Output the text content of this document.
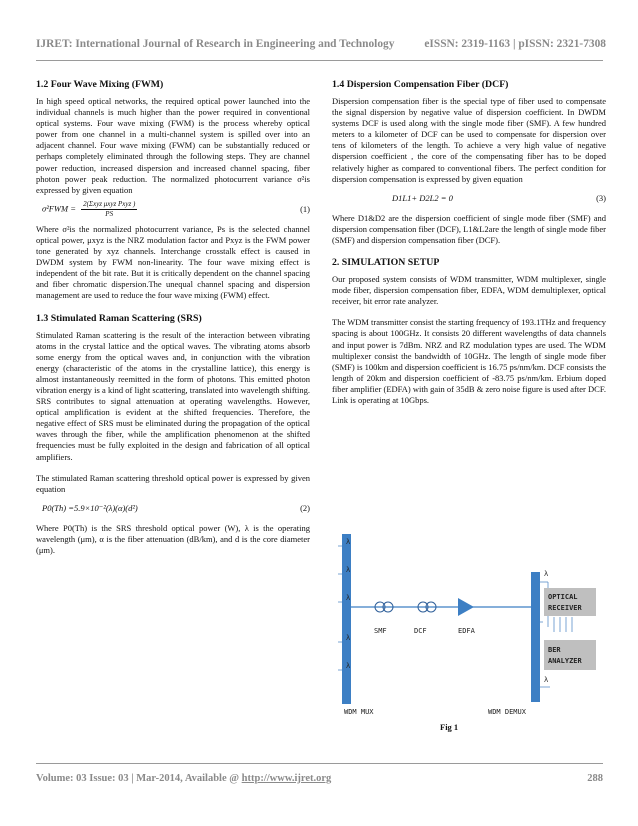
IJRET: International Journal of Research in Engineering and Technology	eISSN: 2319-1163 | pISSN: 2321-7308
1.2 Four Wave Mixing (FWM)

In high speed optical networks, the required optical power launched into the individual channels is much higher than the power required in conventional optical systems. Four wave mixing (FWM) is the process whereby optical power from one channel in a multi-channel system is spilled over into an adjacent channel. Four wave mixing (FWM) can be substantially reduced or perhaps completely eliminated through the following steps. They are channel power reduction, increased dispersion and increased channel spacing, fiber photon power peak reduction. The normalized photocurrent variance σ²is expressed by given equation

$\sigma^2FWM = \frac{\text{2(Σxyz μxyz Pxyz )}}{PS}$	(1)

Where σ²is the normalized photocurrent variance, Ps is the selected channel optical power, μxyz is the NRZ modulation factor and Pxyz is the FWM power tone generated by xyz channels. Interchange crosstalk effect is caused in DWDM system by FWM non-linearity. The four wave mixing effect is independent of the bit rate. But it is critically dependent on the channel spacing and fiber chromatic dispersion.The unequal channel spacing and dispersion management are used to reduce the four wave mixing (FWM) effect.

1.3 Stimulated Raman Scattering (SRS)

Stimulated Raman scattering is the result of the interaction between vibrating atoms in the crystal lattice and the optical waves. The vibrating atoms absorb some energy from the optical waves and, in conjunction with the vibration energy (characteristic of the atoms in the crystalline lattice), this energy is almost instantaneously reemitted in the form of photons. This emitted photon vibration energy is a kind of light scattering, translated into wavelength shifting. SRS contributes to signal attenuation at operating wavelengths. However, optical amplification is evident at the shifted frequencies. Therefore, the negative effect of SRS must be eliminated during the propagation of the optical waves through the fiber, while the amplification phenomenon at the shifted frequencies must be fully exploited in the design and fabrication of all optical amplifiers.

The stimulated Raman scattering threshold optical power is expressed by given equation

P0(Th) =5.9×10⁻²(λ)(α)(d²)	(2)

Where P0(Th) is the SRS threshold optical power (W), λ is the operating wavelength (μm), α is the fiber attenuation (dB/km), and d is the core diameter (μm).

1.4 Dispersion Compensation Fiber (DCF)

Dispersion compensation fiber is the special type of fiber used to compensate the signal dispersion by negative value of dispersion coefficient. In DWDM systems DCF is used along with the single mode fiber (SMF). A few hundred meters to a kilometer of DCF can be used to compensate for dispersion over tens of kilometers of the length. To achieve a very high value of negative dispersion coefficient , the core of the compensating fiber has to be doped relatively higher as compared to conventional fibers. The perfect condition for dispersion compensation is expressed by given equation

D1L1+ D2L2 = 0	(3)

Where D1&D2 are the dispersion coefficient of single mode fiber (SMF) and dispersion compensation fiber (DCF), L1&L2are the length of single mode fiber (SMF) and dispersion compensation fiber (DCF).

2. SIMULATION SETUP

Our proposed system consists of WDM transmitter, WDM multiplexer, single mode fiber, dispersion compensation fiber, EDFA, WDM demultiplexer, optical receiver, bit error rate analyzer.

The WDM transmitter consist the starting frequency of 193.1THz and frequency spacing is about 100GHz. It consists 20 different wavelengths of data channels and input power is 7dBm. NRZ and RZ modulation types are used. The WDM multiplexer consist the bandwidth of 10GHz. The length of single mode fiber (SMF) is 100km and dispersion coefficient is 16.75 ps/nm/km. DCF consists the length of 20km and dispersion coefficient of -83.75 ps/nm/km. Erbium doped fiber amplifier (EDFA) with gain of 35dB & zero noise figure is used after DCF. Link is operating at 10Gbps.

λ
λ
λ
λ
λ
SMF	DCF	EDFA
λ
λ
OPTICAL
RECEIVER
BER
ANALYZER
WDM MUX	WDM DEMUX
Fig 1
Volume: 03 Issue: 03 | Mar-2014, Available @ http://www.ijret.org	288
